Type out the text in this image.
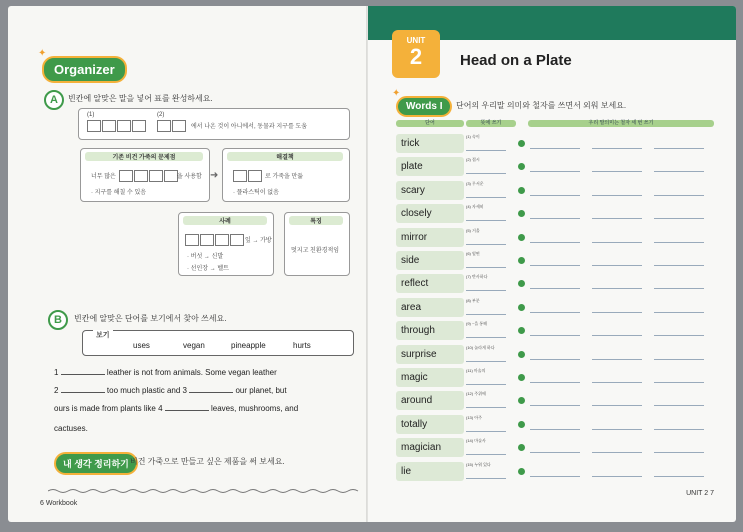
Organizer
✦
A	빈칸에 알맞은 말을 넣어 표를 완성하세요.
(1)	(2)
에서 나온 것이 아니에서, 동물과 지구를 도움
기존 비건 가죽의 문제점
너무 많은	을 사용함
· 지구를 해칠 수 있음
➜
해결책
로 가죽을 만듦
· 플라스틱이 없음
사례
잎 → 가방
· 버섯 → 신발
· 선인장 → 벨트
특징
멋지고 친환경적임
B	빈칸에 알맞은 단어를 보기에서 찾아 쓰세요.
보기
uses	vegan	pineapple	hurts
1	leather is not from animals. Some vegan leather
2	too much plastic and 3	our planet, but
ours is made from plants like 4	leaves, mushrooms, and
cactuses.
내 생각 정리하기 비건 가죽으로 만들고 싶은 제품을 써 보세요.
6 Workbook
UNIT
2	Head on a Plate
Words I
✦
단어의 우리말 의미와 철자를 쓰면서 외워 보세요.
단어	뜻에 쓰기	우리 말의미는 철자 세 번 쓰기
trick
(1) 속이
plate
(2) 접시
scary
(3) 무서운
closely
(4) 자세히
mirror
(5) 거울
side
(6) 옆면
reflect
(7) 반사하다
area
(8) 부분
through
(9) ~을 통해
surprise
(10) 놀라게 하다
magic
(11) 마술의
around
(12) 주위에
totally
(13) 아주
magician
(14) 마술사
lie
(15) 누워 있다
UNIT 2 7
